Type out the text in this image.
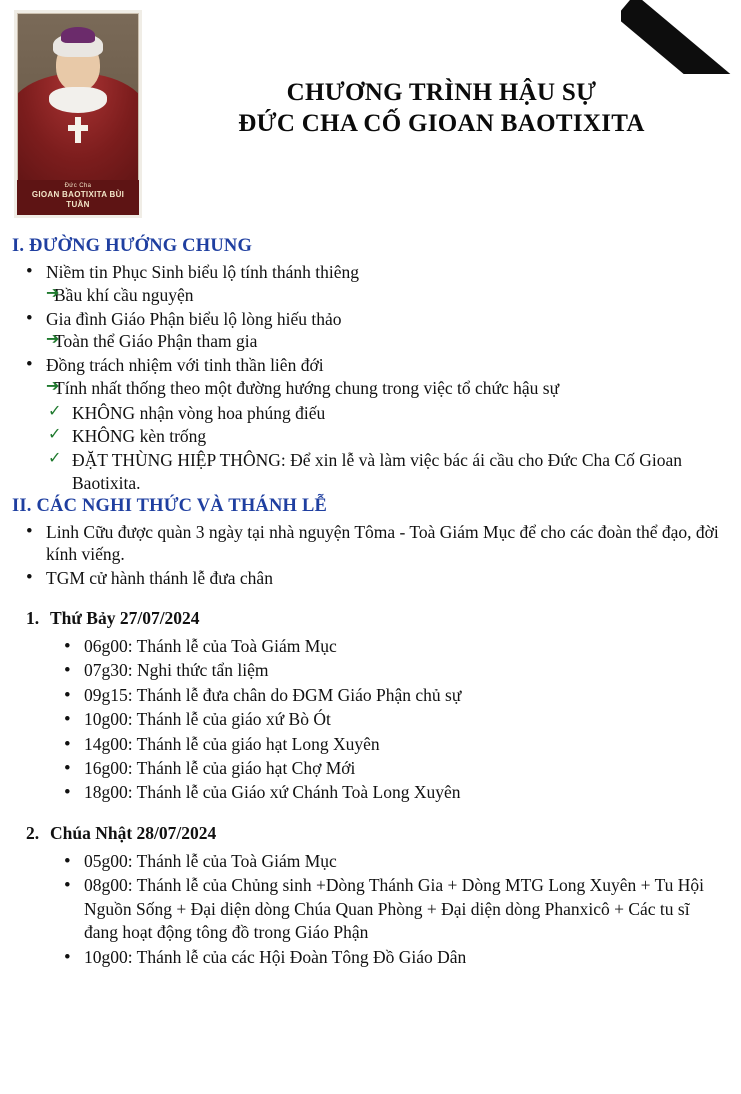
Đức Cha
GIOAN BAOTIXITA BÙI TUẦN
CHƯƠNG TRÌNH HẬU SỰ
ĐỨC CHA CỐ GIOAN BAOTIXITA
I. ĐƯỜNG HƯỚNG CHUNG
• Niềm tin Phục Sinh biểu lộ tính thánh thiêng
➔ Bầu khí cầu nguyện
• Gia đình Giáo Phận biểu lộ lòng hiếu thảo
➔ Toàn thể Giáo Phận tham gia
• Đồng trách nhiệm với tinh thần liên đới
➔ Tính nhất thống theo một đường hướng chung trong việc tổ chức hậu sự
✓ KHÔNG nhận vòng hoa phúng điếu
✓ KHÔNG kèn trống
✓ ĐẶT THÙNG HIỆP THÔNG: Để xin lễ và làm việc bác ái cầu cho Đức Cha Cố Gioan Baotixita.
II. CÁC NGHI THỨC VÀ THÁNH LỄ
• Linh Cữu được quàn 3 ngày tại nhà nguyện Tôma - Toà Giám Mục để cho các đoàn thể đạo, đời kính viếng.
• TGM cử hành thánh lễ đưa chân
1. Thứ Bảy 27/07/2024
• 06g00: Thánh lễ của Toà Giám Mục
• 07g30: Nghi thức tẩn liệm
• 09g15: Thánh lễ đưa chân do ĐGM Giáo Phận chủ sự
• 10g00: Thánh lễ của giáo xứ Bò Ót
• 14g00: Thánh lễ của giáo hạt Long Xuyên
• 16g00: Thánh lễ của giáo hạt Chợ Mới
• 18g00: Thánh lễ của Giáo xứ Chánh Toà Long Xuyên
2. Chúa Nhật 28/07/2024
• 05g00: Thánh lễ của Toà Giám Mục
• 08g00: Thánh lễ của Chủng sinh +Dòng Thánh Gia + Dòng MTG Long Xuyên + Tu Hội Nguồn Sống + Đại diện dòng Chúa Quan Phòng + Đại diện dòng Phanxicô + Các tu sĩ đang hoạt động tông đồ trong Giáo Phận
• 10g00: Thánh lễ của các Hội Đoàn Tông Đồ Giáo Dân
